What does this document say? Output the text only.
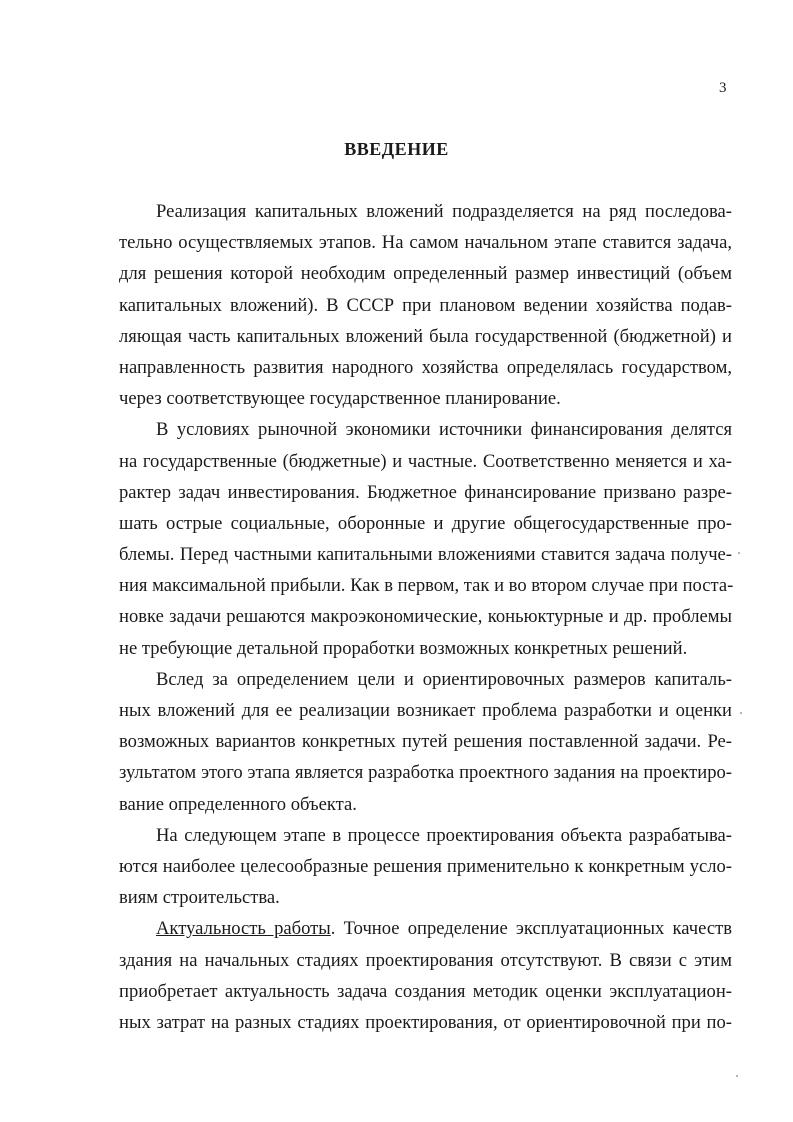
3
ВВЕДЕНИЕ
Реализация капитальных вложений подразделяется на ряд последова-
тельно осуществляемых этапов. На самом начальном этапе ставится задача,
для решения которой необходим определенный размер инвестиций (объем
капитальных вложений). В СССР при плановом ведении хозяйства подав-
ляющая часть капитальных вложений была государственной (бюджетной) и
направленность развития народного хозяйства определялась государством,
через соответствующее государственное планирование.
В условиях рыночной экономики источники финансирования делятся
на государственные (бюджетные) и частные. Соответственно меняется и ха-
рактер задач инвестирования. Бюджетное финансирование призвано разре-
шать острые социальные, оборонные и другие общегосударственные про-
блемы. Перед частными капитальными вложениями ставится задача получе-
ния максимальной прибыли. Как в первом, так и во втором случае при поста-
новке задачи решаются макроэкономические, коньюктурные и др. проблемы
не требующие детальной проработки возможных конкретных решений.
Вслед за определением цели и ориентировочных размеров капиталь-
ных вложений для ее реализации возникает проблема разработки и оценки
возможных вариантов конкретных путей решения поставленной задачи. Ре-
зультатом этого этапа является разработка проектного задания на проектиро-
вание определенного объекта.
На следующем этапе в процессе проектирования объекта разрабатыва-
ются наиболее целесообразные решения применительно к конкретным усло-
виям строительства.
Актуальность работы. Точное определение эксплуатационных качеств
здания на начальных стадиях проектирования отсутствуют. В связи с этим
приобретает актуальность задача создания методик оценки эксплуатацион-
ных затрат на разных стадиях проектирования, от ориентировочной при по-
